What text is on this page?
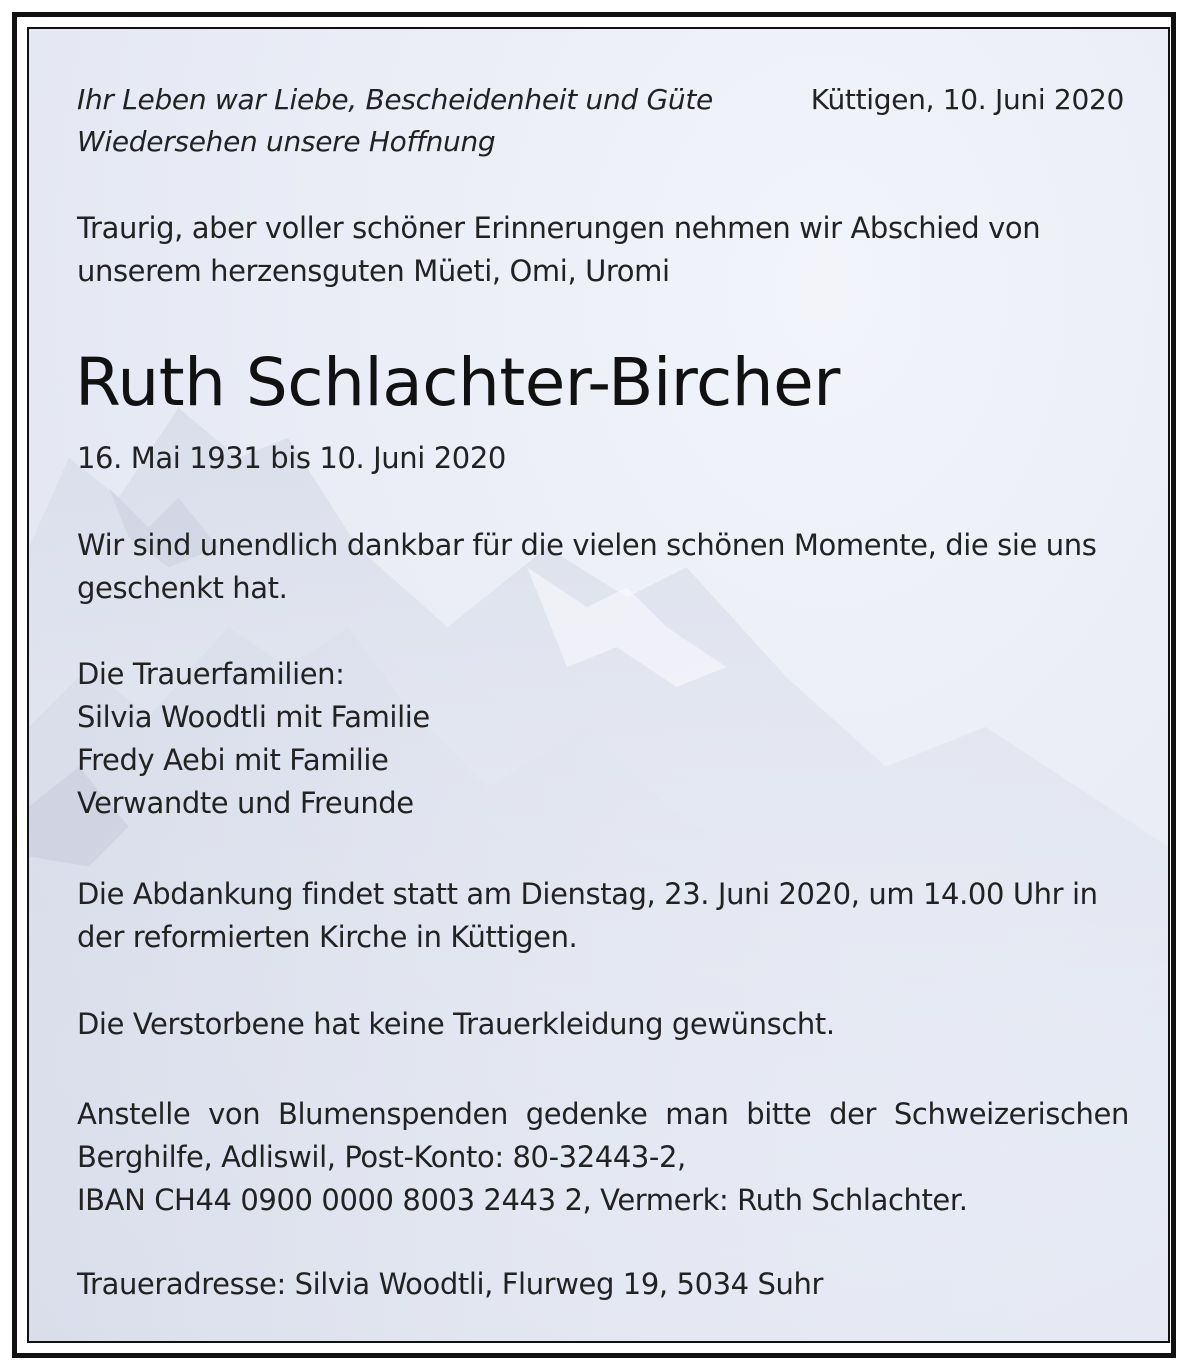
Ihr Leben war Liebe, Bescheidenheit und Güte
Wiedersehen unsere Hoffnung
Küttigen, 10. Juni 2020
Traurig, aber voller schöner Erinnerungen nehmen wir Abschied von
unserem herzensguten Müeti, Omi, Uromi
Ruth Schlachter-Bircher
16. Mai 1931 bis 10. Juni 2020
Wir sind unendlich dankbar für die vielen schönen Momente, die sie uns
geschenkt hat.
Die Trauerfamilien:
Silvia Woodtli mit Familie
Fredy Aebi mit Familie
Verwandte und Freunde
Die Abdankung findet statt am Dienstag, 23. Juni 2020, um 14.00 Uhr in
der reformierten Kirche in Küttigen.
Die Verstorbene hat keine Trauerkleidung gewünscht.
Anstelle von Blumenspenden gedenke man bitte der Schweizerischen
Berghilfe, Adliswil, Post-Konto: 80-32443-2,
IBAN CH44 0900 0000 8003 2443 2, Vermerk: Ruth Schlachter.
Traueradresse: Silvia Woodtli, Flurweg 19, 5034 Suhr
